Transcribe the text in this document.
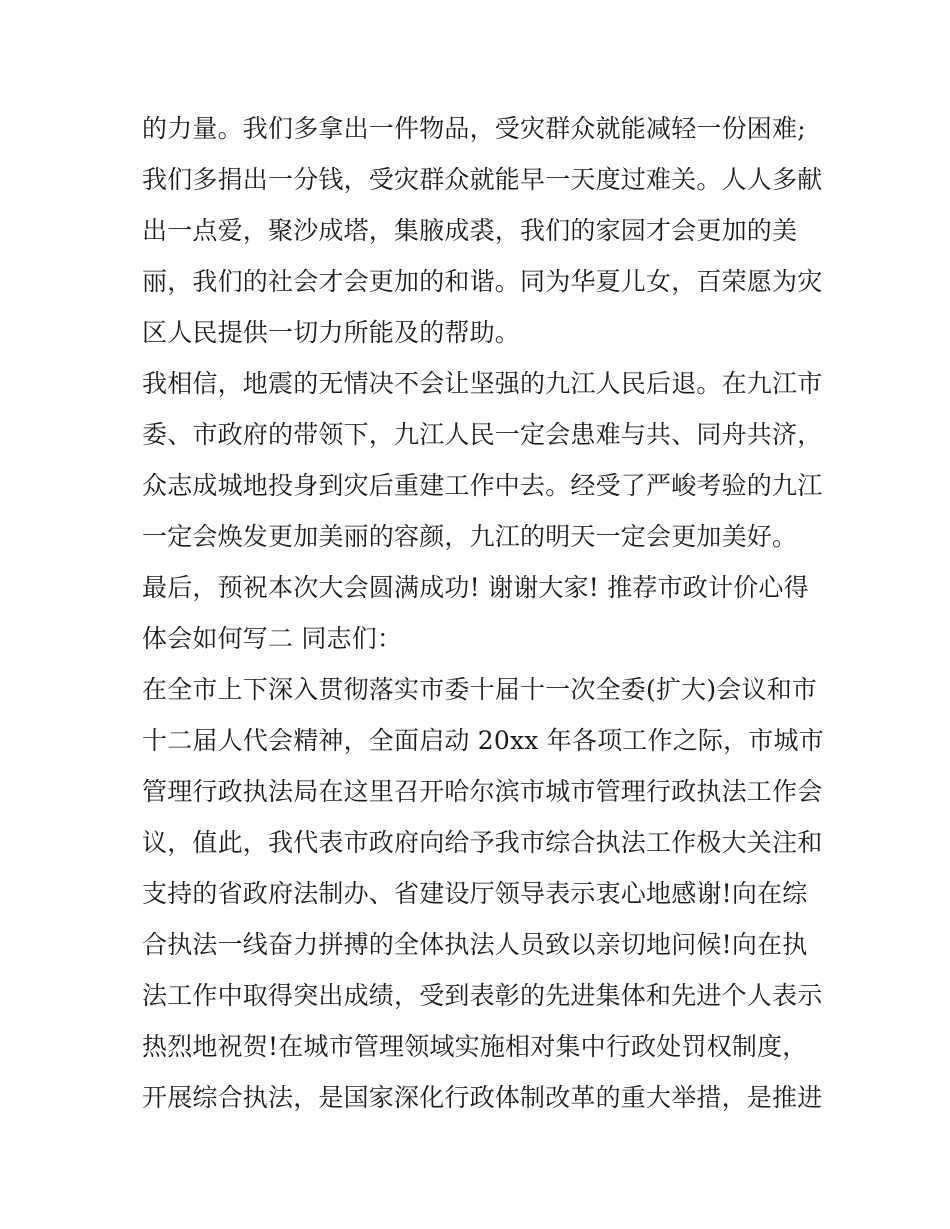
的力量。我们多拿出一件物品，受灾群众就能减轻一份困难;
我们多捐出一分钱，受灾群众就能早一天度过难关。人人多献
出一点爱，聚沙成塔，集腋成裘，我们的家园才会更加的美
丽，我们的社会才会更加的和谐。同为华夏儿女，百荣愿为灾
区人民提供一切力所能及的帮助。
我相信，地震的无情决不会让坚强的九江人民后退。在九江市
委、市政府的带领下，九江人民一定会患难与共、同舟共济，
众志成城地投身到灾后重建工作中去。经受了严峻考验的九江
一定会焕发更加美丽的容颜，九江的明天一定会更加美好。
最后，预祝本次大会圆满成功! 谢谢大家! 推荐市政计价心得
体会如何写二 同志们：
在全市上下深入贯彻落实市委十届十一次全委(扩大)会议和市
十二届人代会精神，全面启动 20xx 年各项工作之际，市城市
管理行政执法局在这里召开哈尔滨市城市管理行政执法工作会
议，值此，我代表市政府向给予我市综合执法工作极大关注和
支持的省政府法制办、省建设厅领导表示衷心地感谢!向在综
合执法一线奋力拼搏的全体执法人员致以亲切地问候!向在执
法工作中取得突出成绩，受到表彰的先进集体和先进个人表示
热烈地祝贺!在城市管理领域实施相对集中行政处罚权制度，
开展综合执法，是国家深化行政体制改革的重大举措，是推进
